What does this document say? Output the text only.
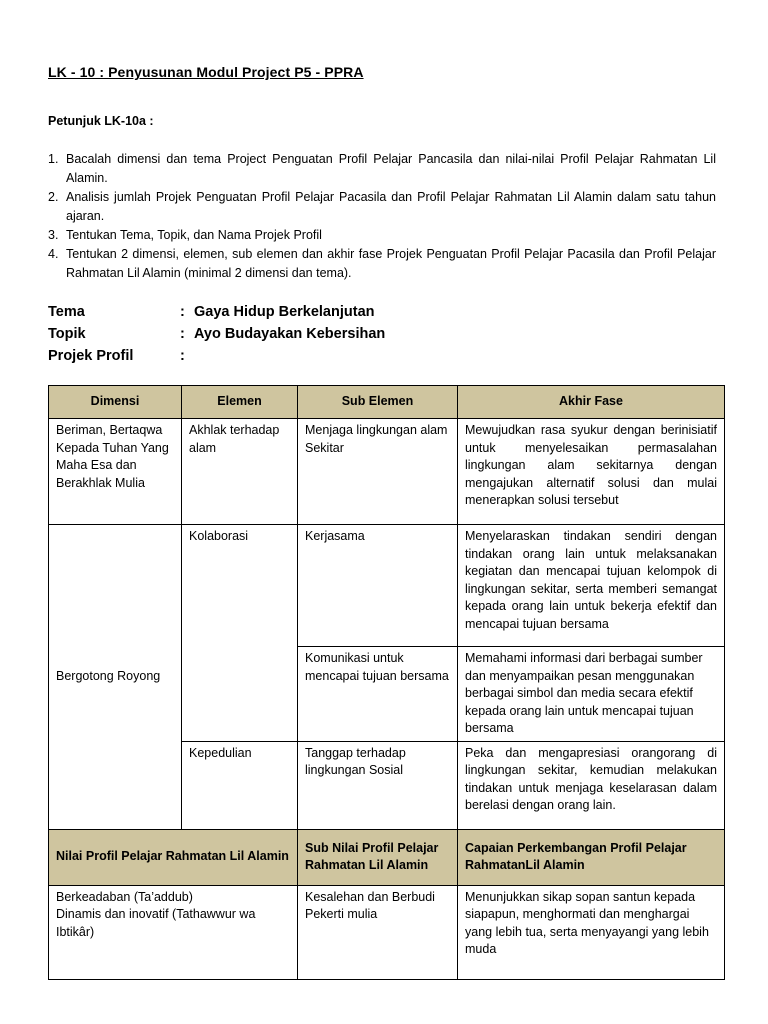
LK - 10 : Penyusunan Modul Project P5 - PPRA
Petunjuk LK-10a :
1. Bacalah dimensi dan tema Project Penguatan Profil Pelajar Pancasila dan nilai-nilai Profil Pelajar Rahmatan Lil Alamin.
2. Analisis jumlah Projek Penguatan Profil Pelajar Pacasila dan Profil Pelajar Rahmatan Lil Alamin dalam satu tahun ajaran.
3. Tentukan Tema, Topik, dan Nama Projek Profil
4. Tentukan 2 dimensi, elemen, sub elemen dan akhir fase Projek Penguatan Profil Pelajar Pacasila dan Profil Pelajar Rahmatan Lil Alamin (minimal 2 dimensi dan tema).
Tema	: Gaya Hidup Berkelanjutan
Topik	: Ayo Budayakan Kebersihan
Projek Profil	:
Dimensi	Elemen	Sub Elemen	Akhir Fase
Beriman, Bertaqwa Kepada Tuhan Yang Maha Esa dan Berakhlak Mulia	Akhlak terhadap alam	Menjaga lingkungan alam Sekitar	Mewujudkan rasa syukur dengan berinisiatif untuk menyelesaikan permasalahan lingkungan alam sekitarnya dengan mengajukan alternatif solusi dan mulai menerapkan solusi tersebut
Bergotong Royong	Kolaborasi	Kerjasama	Menyelaraskan tindakan sendiri dengan tindakan orang lain untuk melaksanakan kegiatan dan mencapai tujuan kelompok di lingkungan sekitar, serta memberi semangat kepada orang lain untuk bekerja efektif dan mencapai tujuan bersama
		Komunikasi untuk mencapai tujuan bersama	Memahami informasi dari berbagai sumber dan menyampaikan pesan menggunakan berbagai simbol dan media secara efektif kepada orang lain untuk mencapai tujuan bersama
	Kepedulian	Tanggap terhadap lingkungan Sosial	Peka dan mengapresiasi orangorang di lingkungan sekitar, kemudian melakukan tindakan untuk menjaga keselarasan dalam berelasi dengan orang lain.
Nilai Profil Pelajar Rahmatan Lil Alamin		Sub Nilai Profil Pelajar Rahmatan Lil Alamin	Capaian Perkembangan Profil Pelajar RahmatanLil Alamin

Berkeadaban (Ta’addub)
Dinamis dan inovatif (Tathawwur wa Ibtikâr)		Kesalehan dan Berbudi Pekerti mulia	Menunjukkan sikap sopan santun kepada siapapun, menghormati dan menghargai yang lebih tua, serta menyayangi yang lebih muda
